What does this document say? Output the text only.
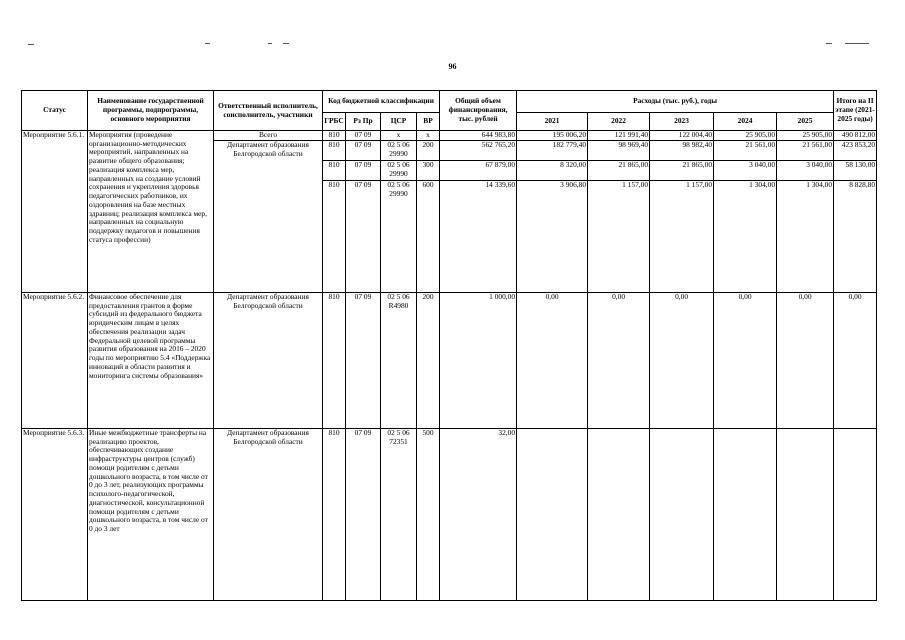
96
Статус	Наименование государственной программы, подпрограммы, основного мероприятия	Ответственный исполнитель, соисполнитель, участники	Код бюджетной классификации				Общий объем финансирования, тыс. рублей	Расходы (тыс. руб.), годы					Итого на II этапе (2021-2025 годы)
			ГРБС	Рз Пр	ЦСР	ВР		2021	2022	2023	2024	2025	
Мероприятие 5.6.1.	Мероприятия (проведение организационно-методических мероприятий, направленных на развитие общего образования; реализация комплекса мер, направленных на создание условий сохранения и укрепления здоровья педагогических работников, их оздоровления на базе местных здравниц; реализация комплекса мер, направленных на социальную поддержку педагогов и повышения статуса профессии)	Всего	810	07 09	x	x	644 983,80	195 006,20	121 991,40	122 004,40	25 905,00	25 905,00	490 812,00
		Департамент образования Белгородской области	810	07 09	02 5 06 29990	200	562 765,20	182 779,40	98 969,40	98 982,40	21 561,00	21 561,00	423 853,20
			810	07 09	02 5 06 29990	300	67 879,00	8 320,00	21 865,00	21 865,00	3 040,00	3 040,00	58 130,00
			810	07 09	02 5 06 29990	600	14 339,60	3 906,80	1 157,00	1 157,00	1 304,00	1 304,00	8 828,80
Мероприятие 5.6.2.	Финансовое обеспечение для предоставления грантов в форме субсидий из федерального бюджета юридическим лицам в целях обеспечения реализации задач Федеральной целевой программы развития образования на 2016 – 2020 годы по мероприятию 5.4 «Поддержка инноваций в области развития и мониторинга системы образования»	Департамент образования Белгородской области	810	07 09	02 5 06 R4980	200	1 000,00	0,00	0,00	0,00	0,00	0,00	0,00
Мероприятие 5.6.3.	Иные межбюджетные трансферты на реализацию проектов, обеспечивающих создание инфраструктуры центров (служб) помощи родителям с детьми дошкольного возраста, в том числе от 0 до 3 лет, реализующих программы психолого-педагогической, диагностической, консультационной помощи родителям с детьми дошкольного возраста, в том числе от 0 до 3 лет	Департамент образования Белгородской области	810	07 09	02 5 06 72351	500	32,00						
